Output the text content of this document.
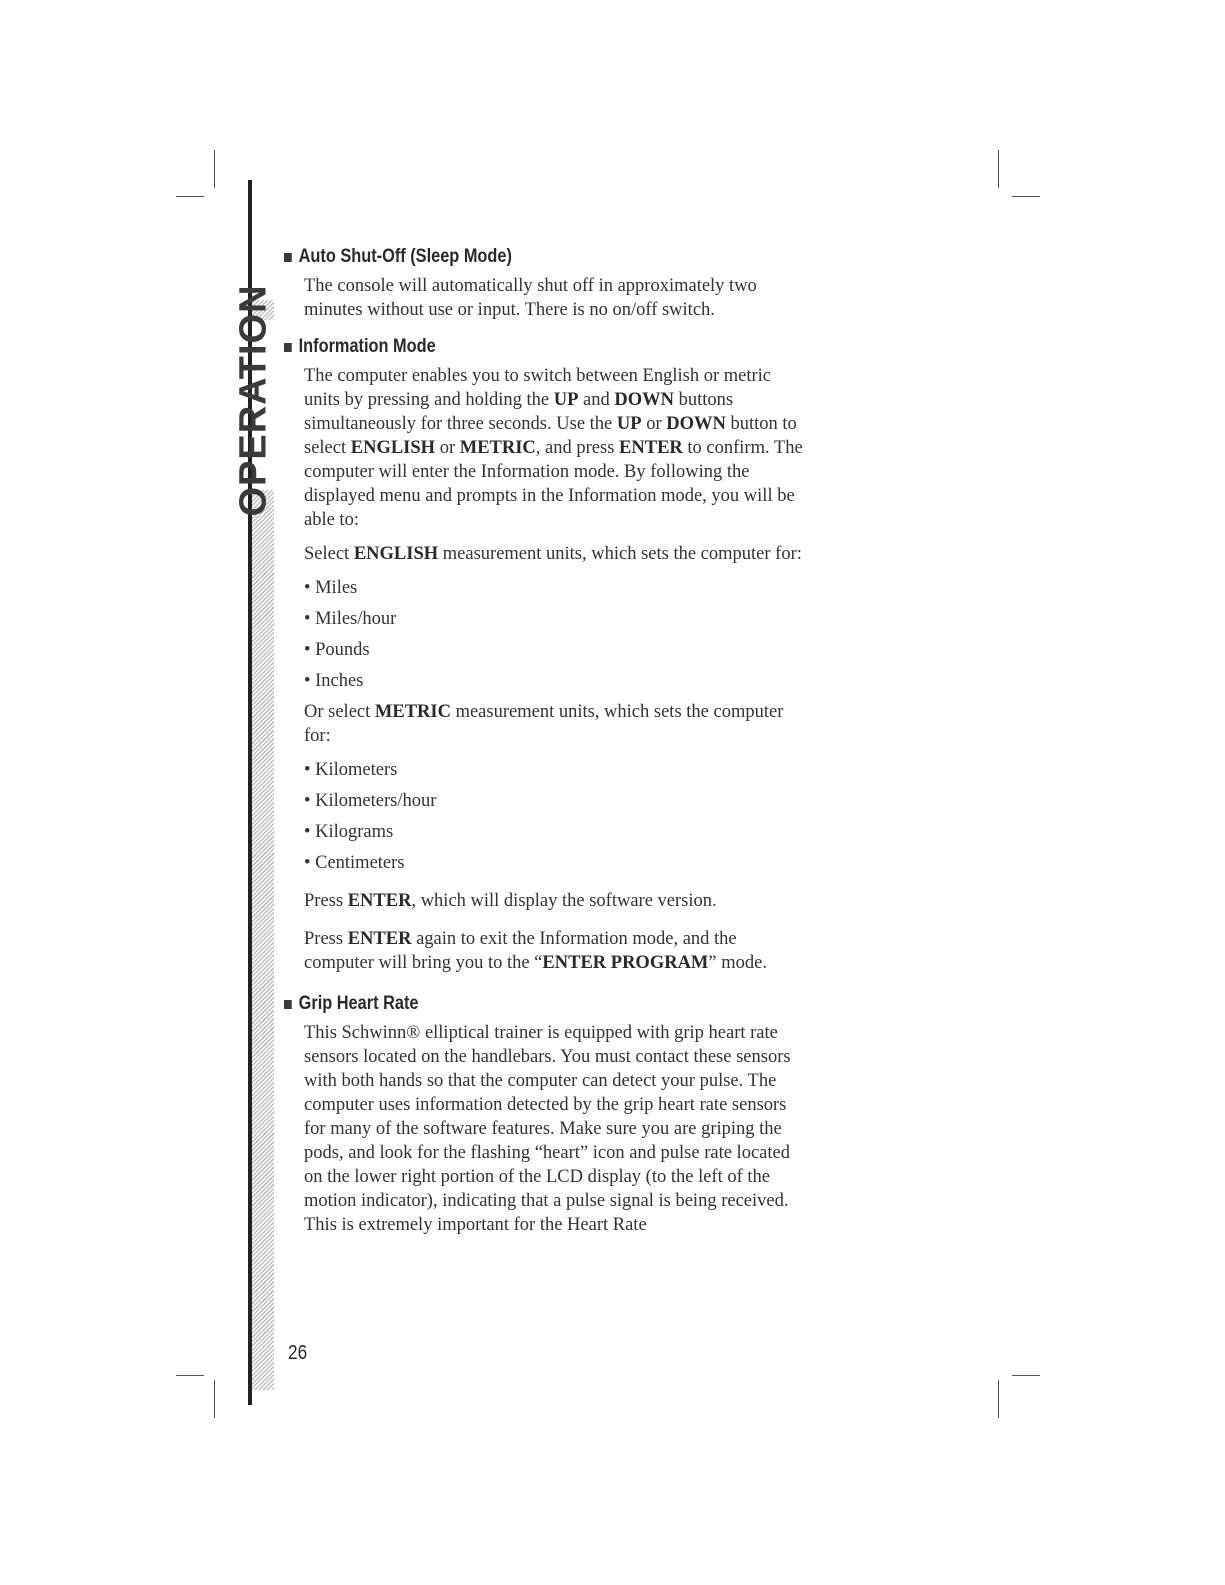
OPERATION
Auto Shut-Off (Sleep Mode)

The console will automatically shut off in approximately two minutes without use or input. There is no on/off switch.

Information Mode

The computer enables you to switch between English or metric units by pressing and holding the UP and DOWN buttons simultaneously for three seconds. Use the UP or DOWN button to select ENGLISH or METRIC, and press ENTER to confirm. The computer will enter the Information mode. By following the displayed menu and prompts in the Information mode, you will be able to:

Select ENGLISH measurement units, which sets the computer for:

• Miles
• Miles/hour
• Pounds
• Inches

Or select METRIC measurement units, which sets the computer for:

• Kilometers
• Kilometers/hour
• Kilograms
• Centimeters

Press ENTER, which will display the software version.

Press ENTER again to exit the Information mode, and the computer will bring you to the “ENTER PROGRAM” mode.

Grip Heart Rate

This Schwinn® elliptical trainer is equipped with grip heart rate sensors located on the handlebars. You must contact these sensors with both hands so that the computer can detect your pulse. The computer uses information detected by the grip heart rate sensors for many of the software features. Make sure you are griping the pods, and look for the flashing “heart” icon and pulse rate located on the lower right portion of the LCD display (to the left of the motion indicator), indicating that a pulse signal is being received. This is extremely important for the Heart Rate

26
